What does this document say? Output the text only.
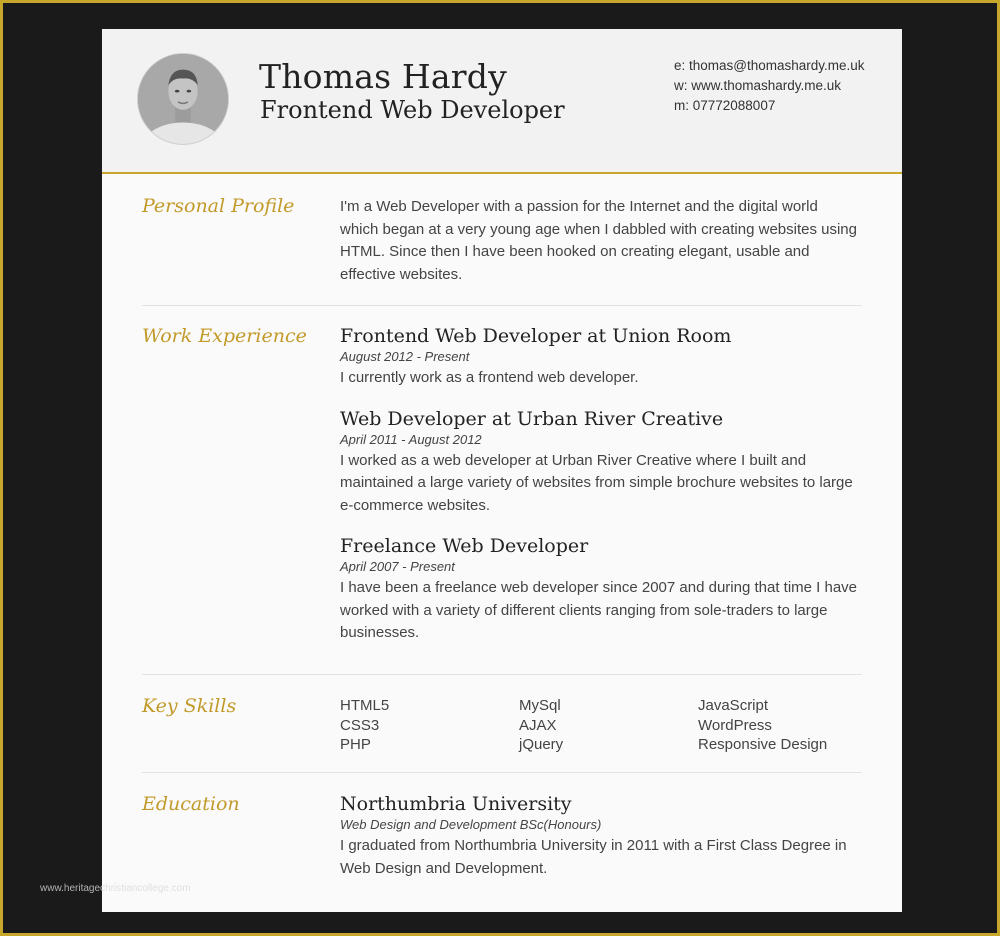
Thomas Hardy
Frontend Web Developer
e: thomas@thomashardy.me.uk
w: www.thomashardy.me.uk
m: 07772088007
Personal Profile	I'm a Web Developer with a passion for the Internet and the digital world which began at a very young age when I dabbled with creating websites using HTML. Since then I have been hooked on creating elegant, usable and effective websites.
Work Experience Frontend Web Developer at Union Room
August 2012 - Present
I currently work as a frontend web developer.
Web Developer at Urban River Creative
April 2011 - August 2012
I worked as a web developer at Urban River Creative where I built and maintained a large variety of websites from simple brochure websites to large e-commerce websites.
Freelance Web Developer
April 2007 - Present
I have been a freelance web developer since 2007 and during that time I have worked with a variety of different clients ranging from sole-traders to large businesses.
Key Skills	HTML5	MySql	JavaScript
CSS3	AJAX	WordPress
PHP	jQuery	Responsive Design
Education	Northumbria University
Web Design and Development BSc(Honours)
I graduated from Northumbria University in 2011 with a First Class Degree in Web Design and Development.
www.heritagechristiancollege.com
